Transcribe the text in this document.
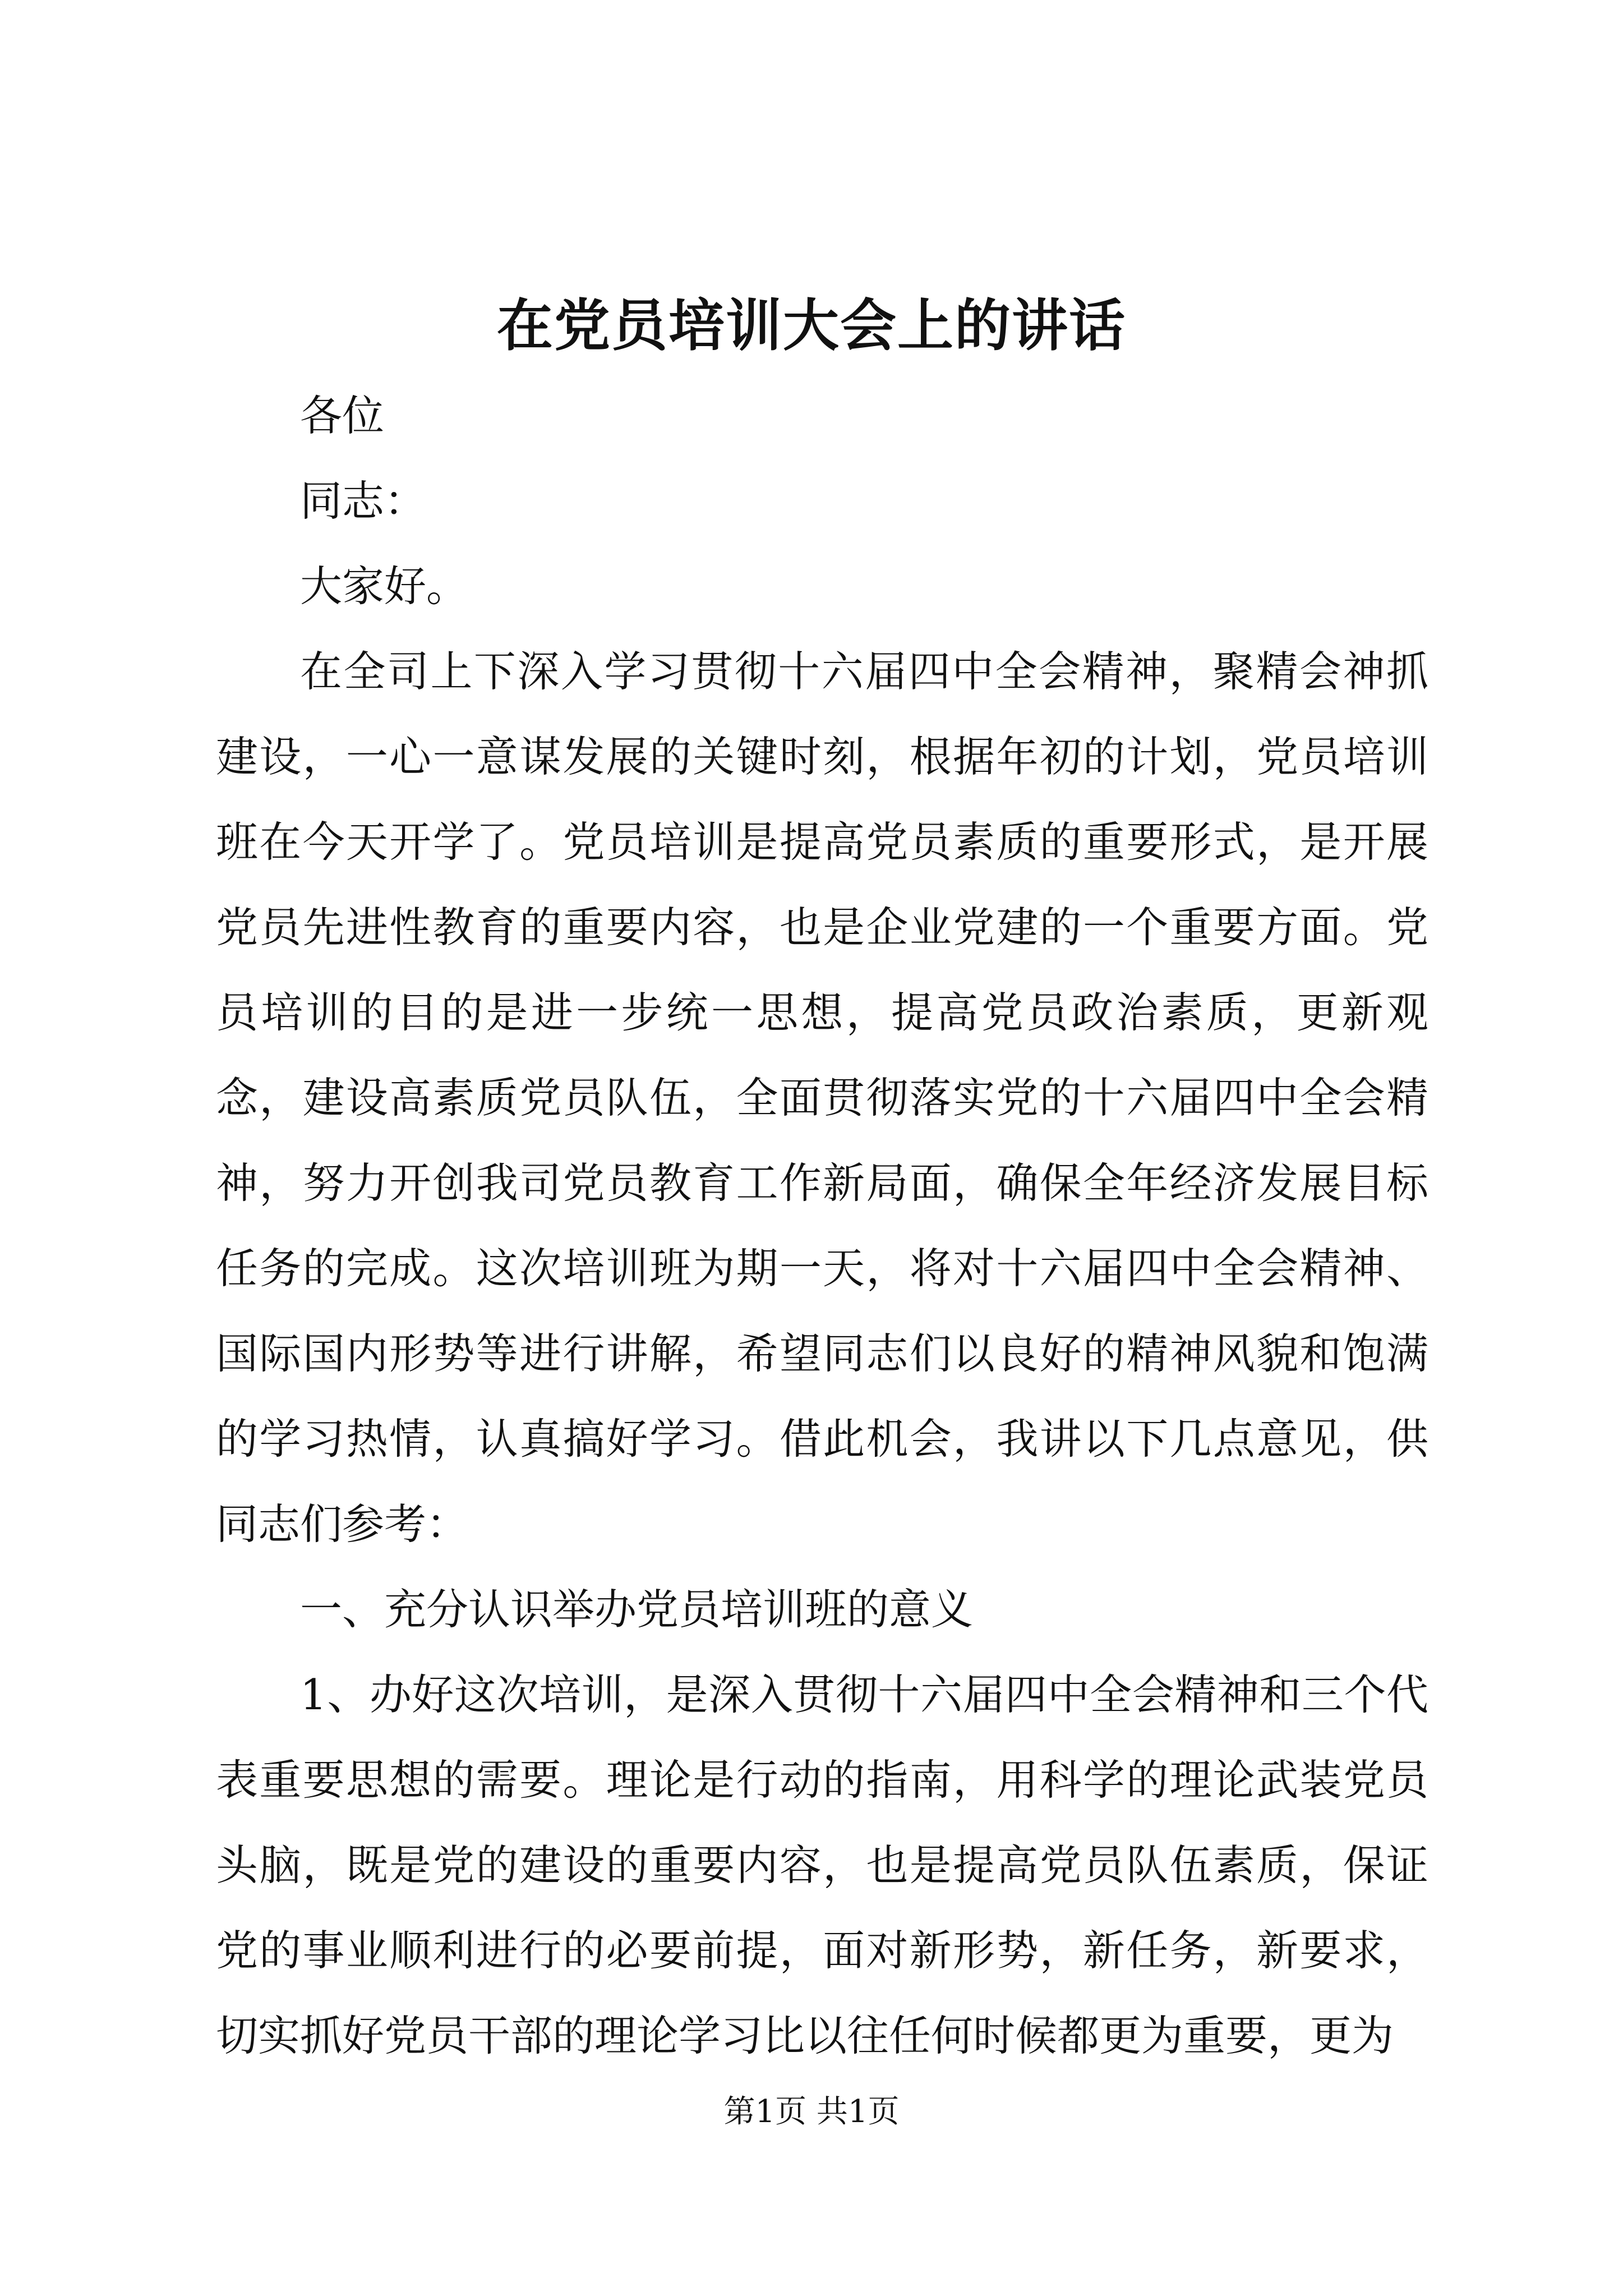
在党员培训大会上的讲话

各位

同志：

大家好。

在全司上下深入学习贯彻十六届四中全会精神，聚精会神抓建设，一心一意谋发展的关键时刻，根据年初的计划，党员培训班在今天开学了。党员培训是提高党员素质的重要形式，是开展党员先进性教育的重要内容，也是企业党建的一个重要方面。党员培训的目的是进一步统一思想，提高党员政治素质，更新观念，建设高素质党员队伍，全面贯彻落实党的十六届四中全会精神，努力开创我司党员教育工作新局面，确保全年经济发展目标任务的完成。这次培训班为期一天，将对十六届四中全会精神、国际国内形势等进行讲解，希望同志们以良好的精神风貌和饱满的学习热情，认真搞好学习。借此机会，我讲以下几点意见，供同志们参考：

一、充分认识举办党员培训班的意义

1、办好这次培训，是深入贯彻十六届四中全会精神和三个代表重要思想的需要。理论是行动的指南，用科学的理论武装党员头脑，既是党的建设的重要内容，也是提高党员队伍素质，保证党的事业顺利进行的必要前提，面对新形势，新任务，新要求，切实抓好党员干部的理论学习比以往任何时候都更为重要，更为

第1页 共1页
